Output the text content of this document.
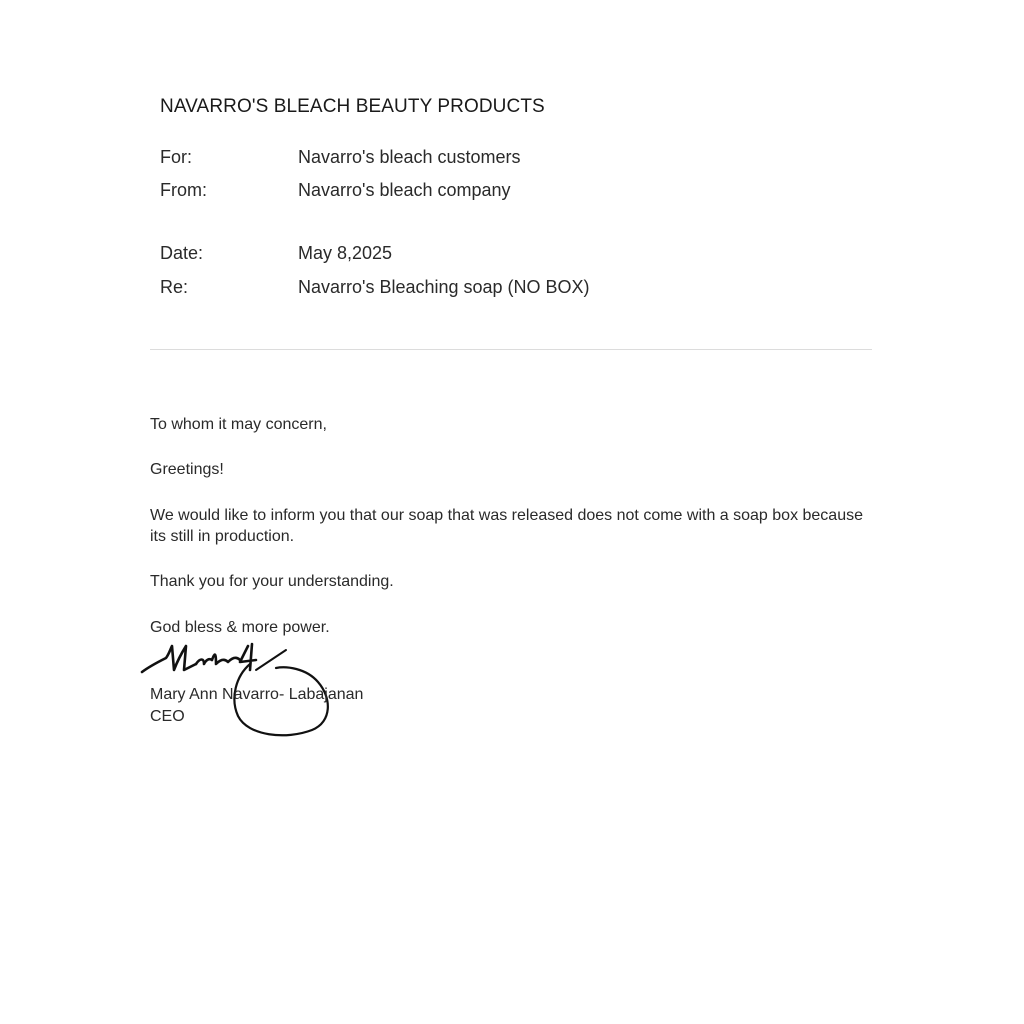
NAVARRO'S BLEACH BEAUTY PRODUCTS
For:	Navarro's bleach customers
From:	Navarro's bleach company
Date:	May 8,2025
Re:	Navarro's Bleaching soap (NO BOX)
To whom it may concern,
Greetings!
We would like to inform you that our soap that was released does not come with a soap box because its still in production.
Thank you for your understanding.
God bless & more power.
Mary Ann Navarro- Labajanan
CEO
